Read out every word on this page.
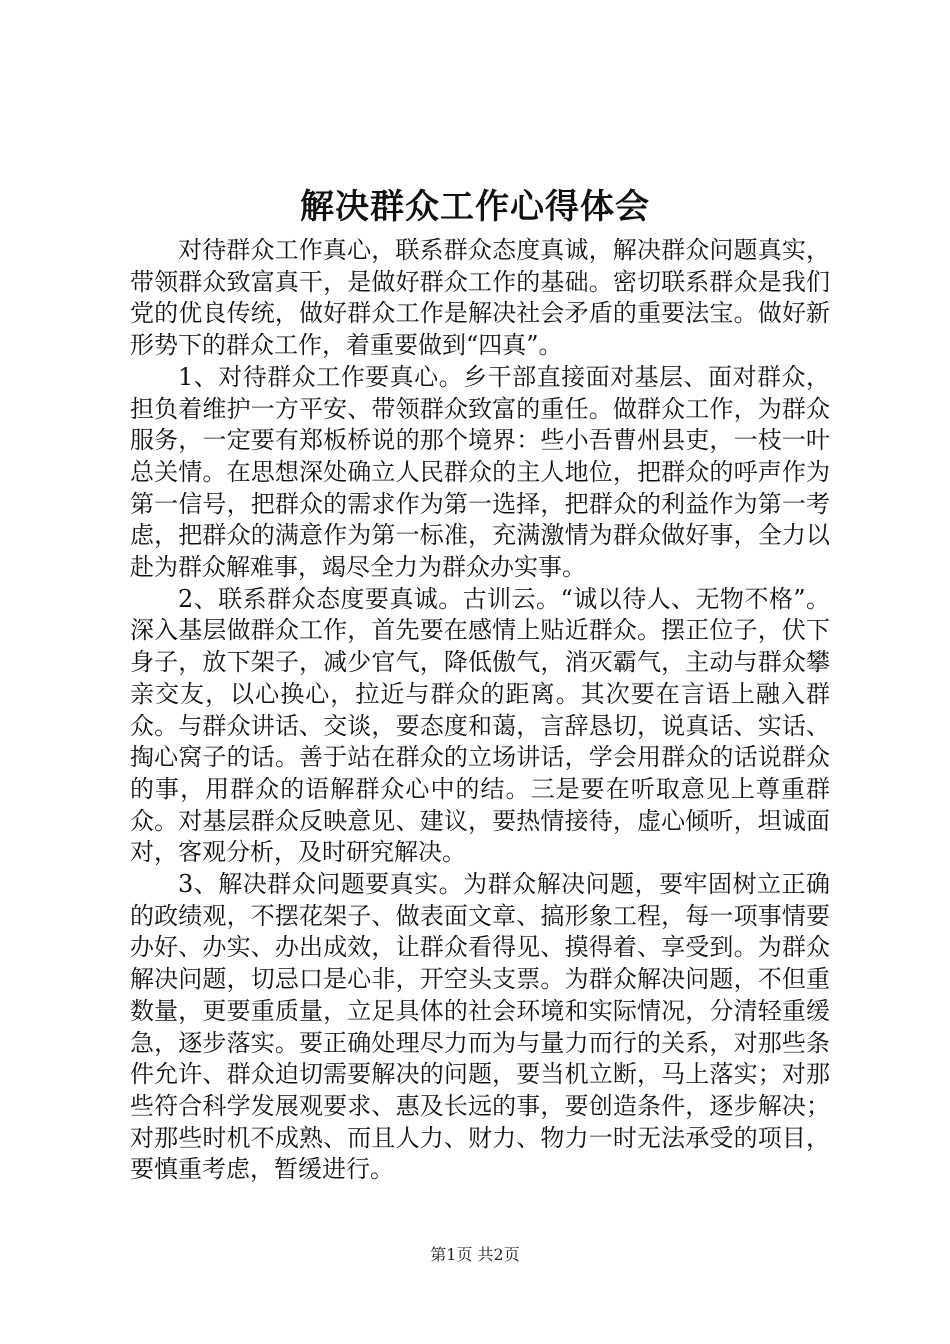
解决群众工作心得体会

对待群众工作真心，联系群众态度真诚，解决群众问题真实，带领群众致富真干，是做好群众工作的基础。密切联系群众是我们党的优良传统，做好群众工作是解决社会矛盾的重要法宝。做好新形势下的群众工作，着重要做到“四真”。

1、对待群众工作要真心。乡干部直接面对基层、面对群众，担负着维护一方平安、带领群众致富的重任。做群众工作，为群众服务，一定要有郑板桥说的那个境界：些小吾曹州县吏，一枝一叶总关情。在思想深处确立人民群众的主人地位，把群众的呼声作为第一信号，把群众的需求作为第一选择，把群众的利益作为第一考虑，把群众的满意作为第一标准，充满激情为群众做好事，全力以赴为群众解难事，竭尽全力为群众办实事。

2、联系群众态度要真诚。古训云。“诚以待人、无物不格”。深入基层做群众工作，首先要在感情上贴近群众。摆正位子，伏下身子，放下架子，减少官气，降低傲气，消灭霸气，主动与群众攀亲交友，以心换心，拉近与群众的距离。其次要在言语上融入群众。与群众讲话、交谈，要态度和蔼，言辞恳切，说真话、实话、掏心窝子的话。善于站在群众的立场讲话，学会用群众的话说群众的事，用群众的语解群众心中的结。三是要在听取意见上尊重群众。对基层群众反映意见、建议，要热情接待，虚心倾听，坦诚面对，客观分析，及时研究解决。

3、解决群众问题要真实。为群众解决问题，要牢固树立正确的政绩观，不摆花架子、做表面文章、搞形象工程，每一项事情要办好、办实、办出成效，让群众看得见、摸得着、享受到。为群众解决问题，切忌口是心非，开空头支票。为群众解决问题，不但重数量，更要重质量，立足具体的社会环境和实际情况，分清轻重缓急，逐步落实。要正确处理尽力而为与量力而行的关系，对那些条件允许、群众迫切需要解决的问题，要当机立断，马上落实；对那些符合科学发展观要求、惠及长远的事，要创造条件，逐步解决；对那些时机不成熟、而且人力、财力、物力一时无法承受的项目，要慎重考虑，暂缓进行。

第1页 共2页
